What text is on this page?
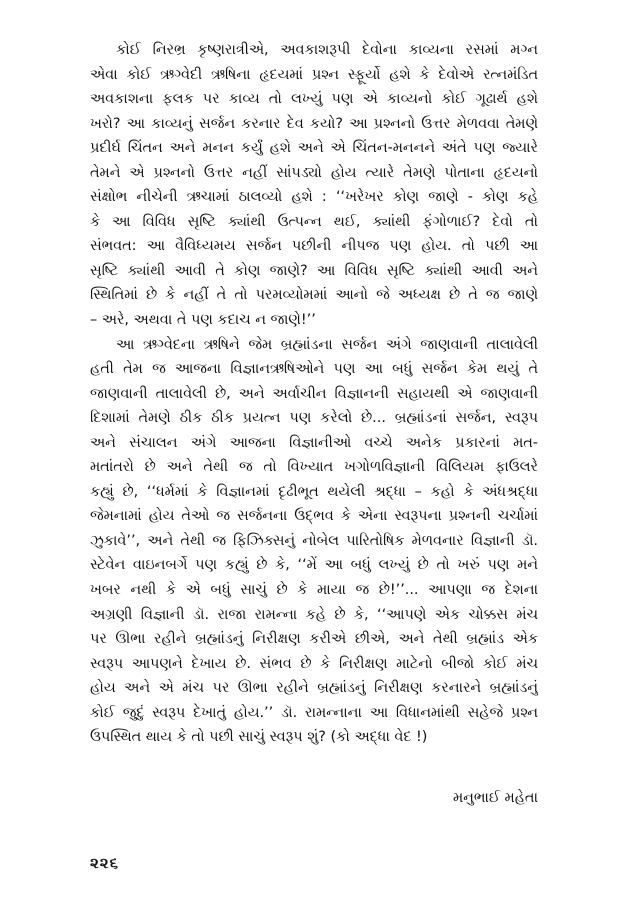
કોઈ નિરભ્ર કૃષ્ણરાત્રીએ, અવકાશરૂપી દેવોના કાવ્યના રસમાં મગ્ન
એવા કોઈ ઋગ્વેદી ઋષિના હૃદયમાં પ્રશ્ન સ્ફૂર્યો હશે કે દેવોએ રત્નમંડિત
અવકાશના ફલક પર કાવ્ય તો લખ્યું પણ એ કાવ્યનો કોઈ ગૂઢાર્થ હશે
ખરો? આ કાવ્યનું સર્જન કરનાર દેવ કયો? આ પ્રશ્નનો ઉત્તર મેળવવા તેમણે
પ્રદીર્ઘ ચિંતન અને મનન કર્યું હશે અને એ ચિંતન-મનનને અંતે પણ જ્યારે
તેમને એ પ્રશ્નનો ઉત્તર નહીં સાંપડ્યો હોય ત્યારે તેમણે પોતાના હૃદયનો
સંક્ષોભ નીચેની ઋચામાં ઠાલવ્યો હશે : ‘‘ખરેખર કોણ જાણે - કોણ કહે
કે આ વિવિધ સૃષ્ટિ ક્યાંથી ઉત્પન્ન થઈ, ક્યાંથી ફંગોળાઈ? દેવો તો
સંભવત: આ વૈવિધ્યમય સર્જન પછીની નીપજ પણ હોય. તો પછી આ
સૃષ્ટિ ક્યાંથી આવી તે કોણ જાણે? આ વિવિધ સૃષ્ટિ ક્યાંથી આવી અને
સ્થિતિમાં છે કે નહીં તે તો પરમવ્યોમમાં આનો જે અધ્યક્ષ છે તે જ જાણે
– અરે, અથવા તે પણ કદાચ ન જાણે!’’
આ ઋગ્વેદના ઋષિને જેમ બ્રહ્માંડના સર્જન અંગે જાણવાની તાલાવેલી
હતી તેમ જ આજના વિજ્ઞાનઋષિઓને પણ આ બધું સર્જન કેમ થયું તે
જાણવાની તાલાવેલી છે, અને અર્વાચીન વિજ્ઞાનની સહાયથી એ જાણવાની
દિશામાં તેમણે ઠીક ઠીક પ્રયત્ન પણ કરેલો છે... બ્રહ્માંડનાં સર્જન, સ્વરૂપ
અને સંચાલન અંગે આજના વિજ્ઞાનીઓ વચ્ચે અનેક પ્રકારનાં મત-
મતાંતરો છે અને તેથી જ તો વિખ્યાત ખગોળવિજ્ઞાની વિલિયમ ફાઉલરે
કહ્યું છે, ‘‘ધર્મમાં કે વિજ્ઞાનમાં દૃઢીભૂત થયેલી શ્રદ્ધા – કહો કે અંધશ્રદ્ધા
જેમનામાં હોય તેઓ જ સર્જનના ઉદ્‌ભવ કે એના સ્વરૂપના પ્રશ્નની ચર્ચામાં
ઝુકાવે’’, અને તેથી જ ફિઝિક્સનું નોબેલ પારિતોષિક મેળવનાર વિજ્ઞાની ડૉ.
સ્ટેવેન વાઇનબર્ગે પણ કહ્યું છે કે, ‘‘મેં આ બધું લખ્યું છે તો ખરું પણ મને
ખબર નથી કે એ બધું સાચું છે કે માયા જ છે!’’... આપણા જ દેશના
અગ્રણી વિજ્ઞાની ડૉ. રાજા રામન્ના કહે છે કે, ‘‘આપણે એક ચોક્કસ મંચ
પર ઊભા રહીને બ્રહ્માંડનું નિરીક્ષણ કરીએ છીએ, અને તેથી બ્રહ્માંડ એક
સ્વરૂપ આપણને દેખાય છે. સંભવ છે કે નિરીક્ષણ માટેનો બીજો કોઈ મંચ
હોય અને એ મંચ પર ઊભા રહીને બ્રહ્માંડનું નિરીક્ષણ કરનારને બ્રહ્માંડનું
કોઈ જુદું સ્વરૂપ દેખાતું હોય.’’ ડૉ. રામન્નાના આ વિધાનમાંથી સહેજે પ્રશ્ન
ઉપસ્થિત થાય કે તો પછી સાચું સ્વરૂપ શું? (કો અદ્ધા વેદ !)
મનુભાઈ મહેતા
૨૨૬
